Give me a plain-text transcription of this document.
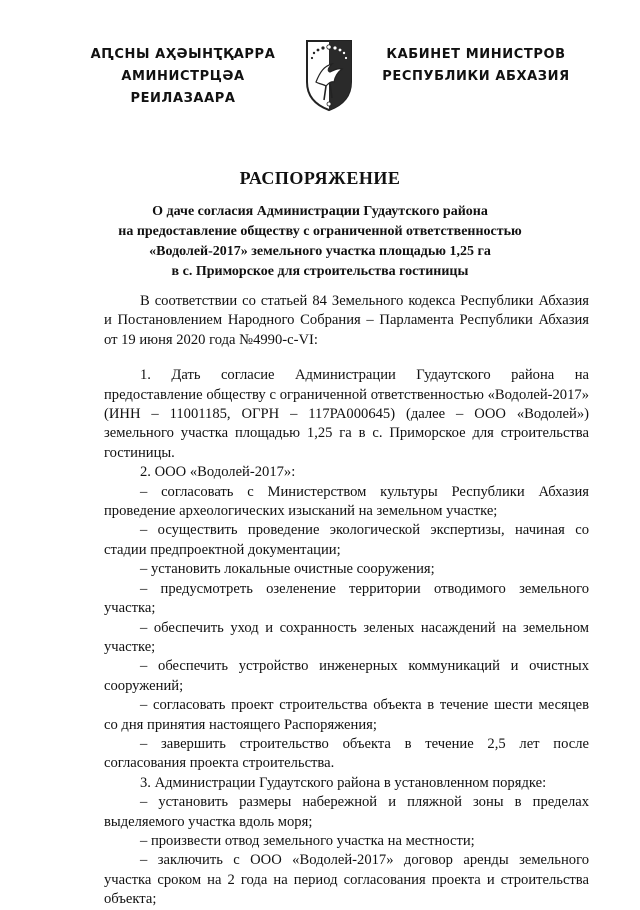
АԤСНЫ АҲӘЫНҬҚАРРА
АМИНИСТРЦӘА РЕИЛАЗААРА
КАБИНЕТ МИНИСТРОВ
РЕСПУБЛИКИ АБХАЗИЯ
РАСПОРЯЖЕНИЕ
О даче согласия Администрации Гудаутского района
на предоставление обществу с ограниченной ответственностью
«Водолей-2017» земельного участка площадью 1,25 га
в с. Приморское для строительства гостиницы

В соответствии со статьей 84 Земельного кодекса Республики Абхазия и Постановлением Народного Собрания – Парламента Республики Абхазия от 19 июня 2020 года №4990-с-VI:

1. Дать согласие Администрации Гудаутского района на предоставление обществу с ограниченной ответственностью «Водолей-2017» (ИНН – 11001185, ОГРН – 117РА000645) (далее – ООО «Водолей») земельного участка площадью 1,25 га в с. Приморское для строительства гостиницы.

2. ООО «Водолей-2017»:

– согласовать с Министерством культуры Республики Абхазия проведение археологических изысканий на земельном участке;

– осуществить проведение экологической экспертизы, начиная со стадии предпроектной документации;

– установить локальные очистные сооружения;

– предусмотреть озеленение территории отводимого земельного участка;

– обеспечить уход и сохранность зеленых насаждений на земельном участке;

– обеспечить устройство инженерных коммуникаций и очистных сооружений;

– согласовать проект строительства объекта в течение шести месяцев со дня принятия настоящего Распоряжения;

– завершить строительство объекта в течение 2,5 лет после согласования проекта строительства.

3. Администрации Гудаутского района в установленном порядке:

– установить размеры набережной и пляжной зоны в пределах выделяемого участка вдоль моря;

– произвести отвод земельного участка на местности;

– заключить с ООО «Водолей-2017» договор аренды земельного участка сроком на 2 года на период согласования проекта и строительства объекта;
